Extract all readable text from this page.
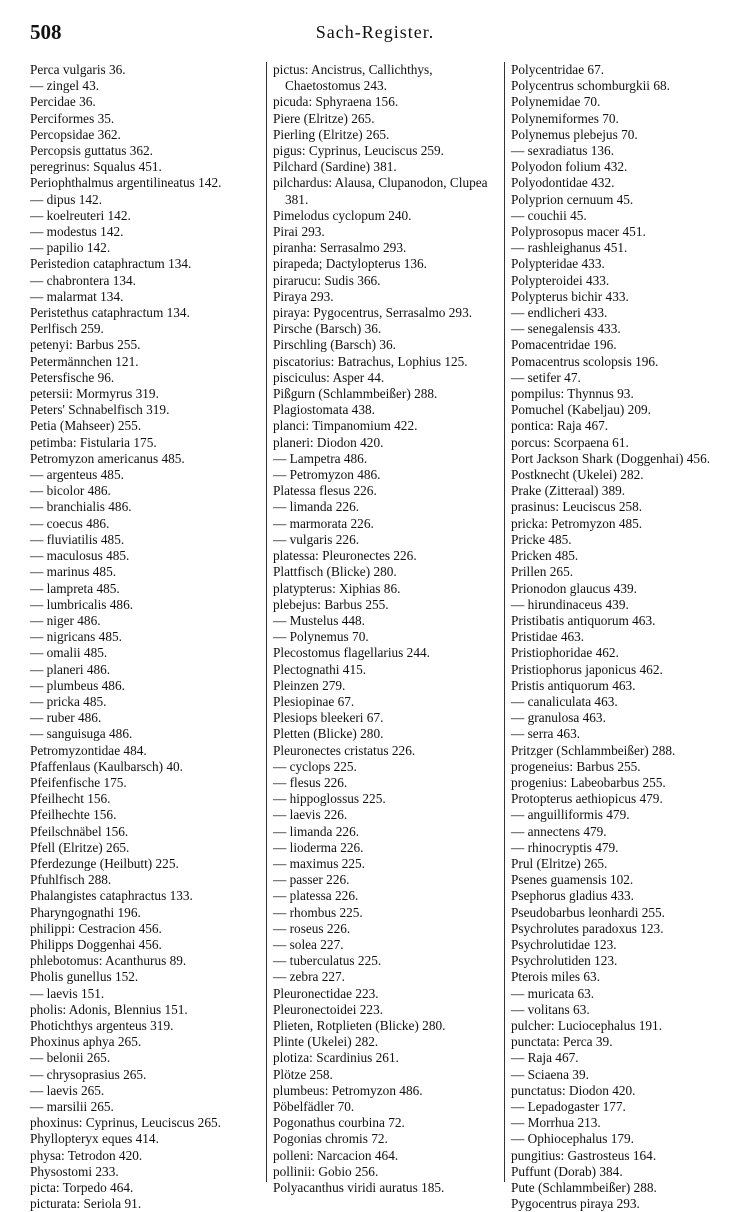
508	Sach-Register.
Perca vulgaris 36.
— zingel 43.
Percidae 36.
Perciformes 35.
Percopsidae 362.
Percopsis guttatus 362.
peregrinus: Squalus 451.
Periophthalmus argentilineatus 142.
— dipus 142.
— koelreuteri 142.
— modestus 142.
— papilio 142.
Peristedion cataphractum 134.
— chabrontera 134.
— malarmat 134.
Peristethus cataphractum 134.
Perlfisch 259.
petenyi: Barbus 255.
Petermännchen 121.
Petersfische 96.
petersii: Mormyrus 319.
Peters' Schnabelfisch 319.
Petia (Mahseer) 255.
petimba: Fistularia 175.
Petromyzon americanus 485.
— argenteus 485.
— bicolor 486.
— branchialis 486.
— coecus 486.
— fluviatilis 485.
— maculosus 485.
— marinus 485.
— lampreta 485.
— lumbricalis 486.
— niger 486.
— nigricans 485.
— omalii 485.
— planeri 486.
— plumbeus 486.
— pricka 485.
— ruber 486.
— sanguisuga 486.
Petromyzontidae 484.
Pfaffenlaus (Kaulbarsch) 40.
Pfeifenfische 175.
Pfeilhecht 156.
Pfeilhechte 156.
Pfeilschnäbel 156.
Pfell (Elritze) 265.
Pferdezunge (Heilbutt) 225.
Pfuhlfisch 288.
Phalangistes cataphractus 133.
Pharyngognathi 196.
philippi: Cestracion 456.
Philipps Doggenhai 456.
phlebotomus: Acanthurus 89.
Pholis gunellus 152.
— laevis 151.
pholis: Adonis, Blennius 151.
Photichthys argenteus 319.
Phoxinus aphya 265.
— belonii 265.
— chrysoprasius 265.
— laevis 265.
— marsilii 265.
phoxinus: Cyprinus, Leuciscus 265.
Phyllopteryx eques 414.
physa: Tetrodon 420.
Physostomi 233.
picta: Torpedo 464.
picturata: Seriola 91.
pictus: Ancistrus, Callichthys, Chaetostomus 243.
picuda: Sphyraena 156.
Piere (Elritze) 265.
Pierling (Elritze) 265.
pigus: Cyprinus, Leuciscus 259.
Pilchard (Sardine) 381.
pilchardus: Alausa, Clupanodon, Clupea 381.
Pimelodus cyclopum 240.
Pirai 293.
piranha: Serrasalmo 293.
pirapeda; Dactylopterus 136.
pirarucu: Sudis 366.
Piraya 293.
piraya: Pygocentrus, Serrasalmo 293.
Pirsche (Barsch) 36.
Pirschling (Barsch) 36.
piscatorius: Batrachus, Lophius 125.
pisciculus: Asper 44.
Pißgurn (Schlammbeißer) 288.
Plagiostomata 438.
planci: Timpanomium 422.
planeri: Diodon 420.
— Lampetra 486.
— Petromyzon 486.
Platessa flesus 226.
— limanda 226.
— marmorata 226.
— vulgaris 226.
platessa: Pleuronectes 226.
Plattfisch (Blicke) 280.
platypterus: Xiphias 86.
plebejus: Barbus 255.
— Mustelus 448.
— Polynemus 70.
Plecostomus flagellarius 244.
Plectognathi 415.
Pleinzen 279.
Plesiopinae 67.
Plesiops bleekeri 67.
Pletten (Blicke) 280.
Pleuronectes cristatus 226.
— cyclops 225.
— flesus 226.
— hippoglossus 225.
— laevis 226.
— limanda 226.
— lioderma 226.
— maximus 225.
— passer 226.
— platessa 226.
— rhombus 225.
— roseus 226.
— solea 227.
— tuberculatus 225.
— zebra 227.
Pleuronectidae 223.
Pleuronectoidei 223.
Plieten, Rotplieten (Blicke) 280.
Plinte (Ukelei) 282.
plotiza: Scardinius 261.
Plötze 258.
plumbeus: Petromyzon 486.
Pöbelfädler 70.
Pogonathus courbina 72.
Pogonias chromis 72.
polleni: Narcacion 464.
pollinii: Gobio 256.
Polyacanthus viridi auratus 185.
Polycentridae 67.
Polycentrus schomburgkii 68.
Polynemidae 70.
Polynemiformes 70.
Polynemus plebejus 70.
— sexradiatus 136.
Polyodon folium 432.
Polyodontidae 432.
Polyprion cernuum 45.
— couchii 45.
Polyprosopus macer 451.
— rashleighanus 451.
Polypteridae 433.
Polypteroidei 433.
Polypterus bichir 433.
— endlicheri 433.
— senegalensis 433.
Pomacentridae 196.
Pomacentrus scolopsis 196.
— setifer 47.
pompilus: Thynnus 93.
Pomuchel (Kabeljau) 209.
pontica: Raja 467.
porcus: Scorpaena 61.
Port Jackson Shark (Doggenhai) 456.
Postknecht (Ukelei) 282.
Prake (Zitteraal) 389.
prasinus: Leuciscus 258.
pricka: Petromyzon 485.
Pricke 485.
Pricken 485.
Prillen 265.
Prionodon glaucus 439.
— hirundinaceus 439.
Pristibatis antiquorum 463.
Pristidae 463.
Pristiophoridae 462.
Pristiophorus japonicus 462.
Pristis antiquorum 463.
— canaliculata 463.
— granulosa 463.
— serra 463.
Pritzger (Schlammbeißer) 288.
progeneius: Barbus 255.
progenius: Labeobarbus 255.
Protopterus aethiopicus 479.
— anguilliformis 479.
— annectens 479.
— rhinocryptis 479.
Prul (Elritze) 265.
Psenes guamensis 102.
Psephorus gladius 433.
Pseudobarbus leonhardi 255.
Psychrolutes paradoxus 123.
Psychrolutidae 123.
Psychrolutiden 123.
Pterois miles 63.
— muricata 63.
— volitans 63.
pulcher: Luciocephalus 191.
punctata: Perca 39.
— Raja 467.
— Sciaena 39.
punctatus: Diodon 420.
— Lepadogaster 177.
— Morrhua 213.
— Ophiocephalus 179.
pungitius: Gastrosteus 164.
Puffunt (Dorab) 384.
Pute (Schlammbeißer) 288.
Pygocentrus piraya 293.
